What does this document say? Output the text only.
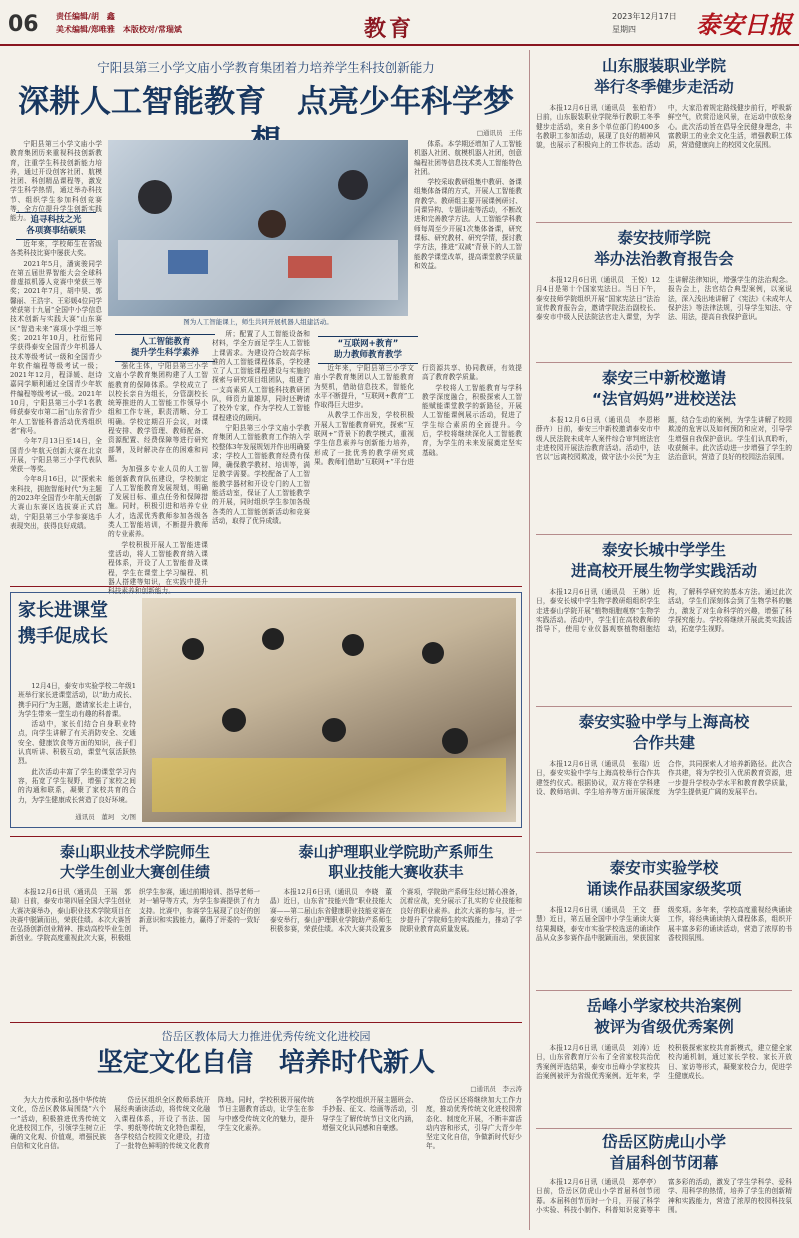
06 责任编辑/胡　鑫
美术编辑/郑唯雅　本版校对/常瑞斌	教育	2023年12月17日
星期四	泰安日报
宁阳县第三小学文庙小学教育集团着力培养学生科技创新能力
深耕人工智能教育　点亮少年科学梦
□通讯员　王伟

宁阳县第三小学文庙小学教育集团历来重视科技创新教育，注重学生科技创新能力培养，通过开设创客社团、航模社团、科创精品课程等，激发学生科学热情，通过举办科技节、组织学生参加科创竞赛等，全方位提升学生创新实践能力。 追寻科技之光
各项赛事结硕果

近年来，学校师生在省级各类科技比赛中屡获大奖。

2021年5月，潘寅骏同学在第五届世界智能大会全球科普虚拟机器人竞赛中荣获三等奖；2021年7月，胡中昊、郭馨丽、王浩宇、王彩媛4位同学荣获第十九届“全国中小学信息技术创新与实践大赛”山东赛区“智造未来”赛项小学组三等奖；2021年10月，杜衍铭同学获得泰安全国青少年机器人技术等级考试一级和全国青少年软件编程等级考试一级；2021年12月，程泽媛、赵诗嘉同学顺利通过全国青少年软件编程等级考试一级。2021年10月，宁阳县第三小学1名教师获泰安市第二届“山东省青少年人工智能科普活动优秀组织者”称号。

今年7月13日至14日，全国青少年航天创新大赛在北京开展，宁阳县第三小学代表队荣获一等奖。

今年8月16日，以“探索未来科技，拥抱智能时代”为主题的2023年全国青少年航天创新大赛山东赛区选拔赛正式启动，宁阳县第三小学参赛选手表现突出，获得良好成绩。

图为人工智能课上，师生共同开展机器人组建活动。

体系。本学期还增加了人工智能机器人社团、航模机器人社团，创意编程社团等信息技术类人工智能特色社团。

学校采取教研组集中教研、备课组集体备课的方式，开展人工智能教育教学。教研组主要开展课例研讨、同课异构、专题讲座等活动，不断改进和完善教学方法。人工智能学科教师每周至少开展1次集体备课，研究课标、研究教材、研究学情，探讨教学方法，推进“双减”背景下的人工智能教学课堂改革，提高课堂教学质量和效益。

人工智能教育
提升学生科学素养

强化主体，宁阳县第三小学文庙小学教育集团构建了人工智能教育的保障体系。学校成立了以校长亲自为组长，分管副校长统筹推进的人工智能工作领导小组和工作专班，职责清晰、分工明确。学校定期召开会议，对课程安排、教学管理、教师配备、资源配置、经费保障等进行研究部署，及时解决存在的困难和问题。

为加强多专业人员的人工智能创新教育队伍建设，学校制定了人工智能教育发展规划，明确了发展目标、重点任务和保障措施。同时，积极引进和培养专业人才，选派优秀教师参加各级各类人工智能培训，不断提升教师的专业素养。

学校积极开展人工智能进课堂活动，将人工智能教育纳入课程体系，开设了人工智能普及课程，学生在课堂上学习编程、机器人搭建等知识，在实践中提升科技素养和创新能力。

所；配置了人工智能设备和材料，学全方面足学生人工智能上课需求。为建设符合较高学标准的人工智能课程体系，学校建立了人工智能课程建设与实施的探索与研究项目组团队，组建了一支高素质人工智能科技教研团队，师资力量雄厚，同时还聘请了校外专家，作为学校人工智能课程建设的顾问。

宁阳县第三小学文庙小学教育集团人工智能教育工作纳入学校整体3年发展规划并作出明确要求；学校人工智能教育经费有保障，确保教学教材、培训等，满足教学需要。学校配备了人工智能教学器材和开设专门的人工智能活动室，保证了人工智能教学的开展，同时组织学生参加各级各类的人工智能创新活动和竞赛活动，取得了优异成绩。

“互联网+教育”
助力教师教育教学

近年来，宁阳县第三小学文庙小学教育集团以人工智能教育为契机，借助信息技术，智能化水平不断提升，“互联网+教育”工作取得巨大进步。

从教学工作出发，学校积极开展人工智能教育研究，探索“互联网+”背景下的教学模式，重视学生信息素养与创新能力培养，形成了一批优秀的教学研究成果。教师们借助“互联网+”平台进行资源共享、协同教研，有效提高了教育教学质量。

学校将人工智能教育与学科教学深度融合，积极探索人工智能赋能课堂教学的新路径，开展人工智能课例展示活动，促进了学生综合素质的全面提升。今后，学校将继续深化人工智能教育，为学生的未来发展奠定坚实基础。

家长进课堂
携手促成长

12月4日，泰安市实验学校二年级1班举行家长进课堂活动，以“助力成长、携手同行”为主题，邀请家长走上讲台，为学生带来一堂生动有趣的科普课。

活动中，家长们结合自身职业特点，向学生讲解了有关消防安全、交通安全、健康饮食等方面的知识，孩子们认真听讲、积极互动，课堂气氛活跃热烈。

此次活动丰富了学生的课堂学习内容，拓宽了学生视野，增强了家校之间的沟通和联系，凝聚了家校共育的合力，为学生健康成长营造了良好环境。

通讯员　董珂　文/图
泰山职业技术学院师生
大学生创业大赛创佳绩

本报12月6日讯（通讯员　王瑶　郭瑞）日前，泰安市第四届全国大学生创业大赛决赛举办，泰山职业技术学院项目在决赛中脱颖而出，荣获佳绩。本次大赛旨在弘扬创新创业精神、推动高校毕业生创新创业。学院高度重视此次大赛，积极组织学生参赛，通过前期培训、指导老师一对一辅导等方式，为学生参赛提供了有力支持。比赛中，参赛学生展现了良好的创新意识和实践能力，赢得了评委的一致好评。

泰山护理职业学院助产系师生
职业技能大赛收获丰

本报12月6日讯（通讯员　李晓　董晶）近日，山东省“技能兴鲁”职业技能大赛——第二届山东省健康职业技能竞赛在泰安举行，泰山护理职业学院助产系师生积极参赛，荣获佳绩。本次大赛共设置多个赛项，学院助产系师生经过精心准备，沉着应战，充分展示了扎实的专业技能和良好的职业素养。此次大赛的参与，进一步提升了学院师生的实践能力，推动了学院职业教育高质量发展。

岱岳区教体局大力推进优秀传统文化进校园
坚定文化自信　培养时代新人
□通讯员　李云涛

为大力传承和弘扬中华传统文化，岱岳区教体局围绕“六个一”活动，积极推进优秀传统文化进校园工作，引领学生树立正确的文化观、价值观，增强民族自信和文化自信。

岱岳区组织全区教师系统开展经典诵读活动，将传统文化融入课程体系，开设了书法、国学、剪纸等传统文化特色课程，各学校结合校园文化建设，打造了一批特色鲜明的传统文化教育阵地。同时，学校积极开展传统节日主题教育活动，让学生在参与中感受传统文化的魅力，提升学生文化素养。

各学校组织开展主题班会、手抄报、征文、绘画等活动，引导学生了解传统节日文化内涵，增强文化认同感和自豪感。

岱岳区还将继续加大工作力度，推动优秀传统文化进校园常态化、制度化开展，不断丰富活动内容和形式，引导广大青少年坚定文化自信，争做新时代好少年。

山东服装职业学院
举行冬季健步走活动

本报12月6日讯（通讯员　张柏青）日前，山东服装职业学院举行教职工冬季健步走活动，来自多个单位部门的400多名教职工参加活动，展现了良好的精神风貌，也展示了积极向上的工作状态。活动中，大家沿着规定路线健步前行，呼吸新鲜空气，欣赏沿途风景，在运动中放松身心。此次活动旨在倡导全民健身理念，丰富教职工的业余文化生活，增强教职工体质，营造健康向上的校园文化氛围。

泰安技师学院
举办法治教育报告会

本报12月6日讯（通讯员　王悦）12月4日是第十个国家宪法日。当日下午，泰安技师学院组织开展“国家宪法日”法治宣传教育报告会，邀请学院法治副校长、泰安市中级人民法院法官走入课堂，为学生讲解法律知识，增强学生的法治观念。报告会上，法官结合典型案例，以案说法，深入浅出地讲解了《宪法》《未成年人保护法》等法律法规，引导学生知法、守法、用法，提高自我保护意识。

泰安三中新校邀请
“法官妈妈”进校送法

本报12月6日讯（通讯员　李恩彬　薛卉）日前，泰安三中新校邀请泰安市中级人民法院未成年人案件综合审判庭法官走进校园开展法治教育活动。活动中，法官以“远离校园欺凌，做守法小公民”为主题，结合生动的案例，为学生讲解了校园欺凌的危害以及如何预防和应对，引导学生增强自我保护意识。学生们认真聆听，收获颇丰。此次活动进一步增强了学生的法治意识，营造了良好的校园法治氛围。

泰安长城中学学生
进高校开展生物学实践活动

本报12月6日讯（通讯员　王琳）近日，泰安长城中学生物学教研组组织学生走进泰山学院开展“植物细胞观察”生物学实践活动。活动中，学生们在高校教师的指导下，使用专业仪器观察植物细胞结构，了解科学研究的基本方法。通过此次活动，学生们深刻体会到了生物学科的魅力，激发了对生命科学的兴趣，增强了科学探究能力。学校将继续开展此类实践活动，拓宽学生视野。

泰安实验中学与上海高校
合作共建

本报12月6日讯（通讯员　张瑞）近日，泰安实验中学与上海高校举行合作共建签约仪式。根据协议，双方将在学科建设、教师培训、学生培养等方面开展深度合作，共同探索人才培养新路径。此次合作共建，将为学校引入优质教育资源，进一步提升学校办学水平和教育教学质量，为学生提供更广阔的发展平台。

泰安市实验学校
诵读作品获国家级奖项

本报12月6日讯（通讯员　王文　薛慧）近日，第五届全国中小学生诵读大赛结果揭晓，泰安市实验学校选送的诵读作品从众多参赛作品中脱颖而出，荣获国家级奖项。多年来，学校高度重视经典诵读工作，将经典诵读纳入课程体系，组织开展丰富多彩的诵读活动，营造了浓厚的书香校园氛围。

岳峰小学家校共治案例
被评为省级优秀案例

本报12月6日讯（通讯员　刘涛）近日，山东省教育厅公布了全省家校共治优秀案例评选结果，泰安市岳峰小学家校共治案例被评为省级优秀案例。近年来，学校积极探索家校共育新模式，建立健全家校沟通机制，通过家长学校、家长开放日、家访等形式，凝聚家校合力，促进学生健康成长。

岱岳区防虎山小学
首届科创节闭幕

本报12月6日讯（通讯员　郑亭亭）日前，岱岳区防虎山小学首届科创节闭幕。本届科创节历时一个月，开展了科学小实验、科技小制作、科普知识竞赛等丰富多彩的活动，激发了学生学科学、爱科学、用科学的热情，培养了学生的创新精神和实践能力，营造了浓厚的校园科技氛围。
